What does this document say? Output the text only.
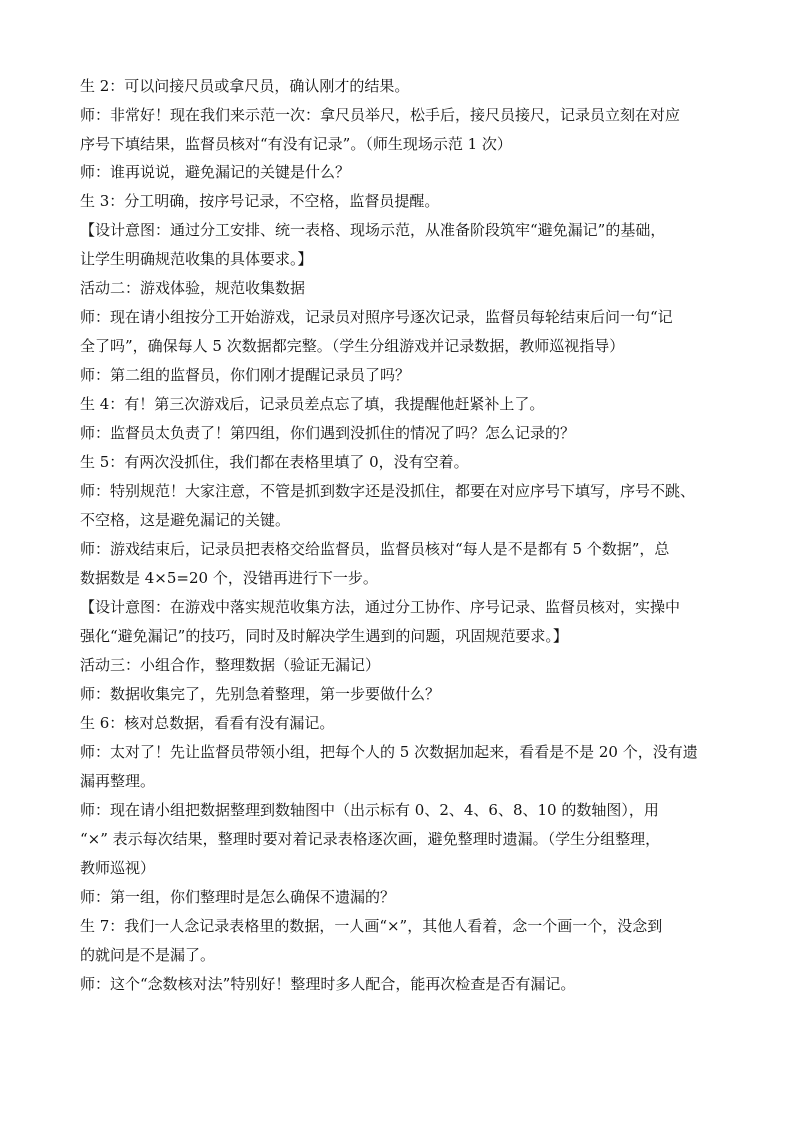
生 2：可以问接尺员或拿尺员，确认刚才的结果。
师：非常好！现在我们来示范一次：拿尺员举尺，松手后，接尺员接尺，记录员立刻在对应
序号下填结果，监督员核对“有没有记录”。（师生现场示范 1 次）
师：谁再说说，避免漏记的关键是什么？
生 3：分工明确，按序号记录，不空格，监督员提醒。
【设计意图：通过分工安排、统一表格、现场示范，从准备阶段筑牢“避免漏记”的基础，
让学生明确规范收集的具体要求。】
活动二：游戏体验，规范收集数据
师：现在请小组按分工开始游戏，记录员对照序号逐次记录，监督员每轮结束后问一句“记
全了吗”，确保每人 5 次数据都完整。（学生分组游戏并记录数据，教师巡视指导）
师：第二组的监督员，你们刚才提醒记录员了吗？
生 4：有！第三次游戏后，记录员差点忘了填，我提醒他赶紧补上了。
师：监督员太负责了！第四组，你们遇到没抓住的情况了吗？怎么记录的？
生 5：有两次没抓住，我们都在表格里填了 0，没有空着。
师：特别规范！大家注意，不管是抓到数字还是没抓住，都要在对应序号下填写，序号不跳、
不空格，这是避免漏记的关键。
师：游戏结束后，记录员把表格交给监督员，监督员核对“每人是不是都有 5 个数据”，总
数据数是 4×5=20 个，没错再进行下一步。
【设计意图：在游戏中落实规范收集方法，通过分工协作、序号记录、监督员核对，实操中
强化“避免漏记”的技巧，同时及时解决学生遇到的问题，巩固规范要求。】
活动三：小组合作，整理数据（验证无漏记）
师：数据收集完了，先别急着整理，第一步要做什么？
生 6：核对总数据，看看有没有漏记。
师：太对了！先让监督员带领小组，把每个人的 5 次数据加起来，看看是不是 20 个，没有遗
漏再整理。
师：现在请小组把数据整理到数轴图中（出示标有 0、2、4、6、8、10 的数轴图），用
“×” 表示每次结果，整理时要对着记录表格逐次画，避免整理时遗漏。（学生分组整理，
教师巡视）
师：第一组，你们整理时是怎么确保不遗漏的？
生 7：我们一人念记录表格里的数据，一人画“×”，其他人看着，念一个画一个，没念到
的就问是不是漏了。
师：这个“念数核对法”特别好！整理时多人配合，能再次检查是否有漏记。
